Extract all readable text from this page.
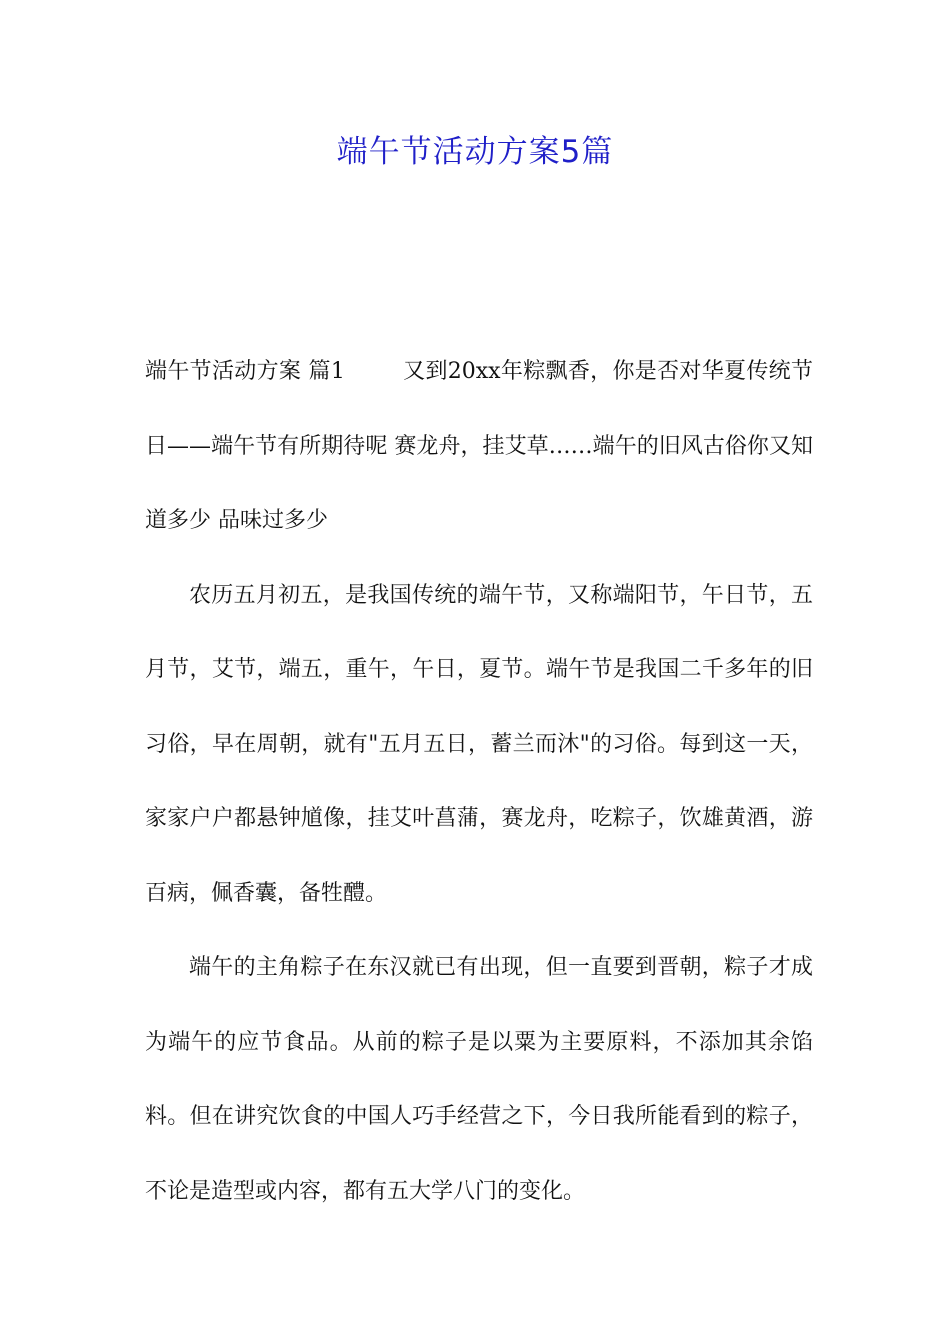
端午节活动方案5篇

端午节活动方案 篇1	又到20xx年粽飘香，你是否对华夏传统节日——端午节有所期待呢 赛龙舟，挂艾草……端午的旧风古俗你又知道多少 品味过多少

农历五月初五，是我国传统的端午节，又称端阳节，午日节，五月节，艾节，端五，重午，午日，夏节。端午节是我国二千多年的旧习俗，早在周朝，就有"五月五日，蓄兰而沐"的习俗。每到这一天，家家户户都悬钟馗像，挂艾叶菖蒲，赛龙舟，吃粽子，饮雄黄酒，游百病，佩香囊，备牲醴。

端午的主角粽子在东汉就已有出现，但一直要到晋朝，粽子才成为端午的应节食品。从前的粽子是以粟为主要原料，不添加其余馅料。但在讲究饮食的中国人巧手经营之下，今日我所能看到的粽子，不论是造型或内容，都有五大学八门的变化。
